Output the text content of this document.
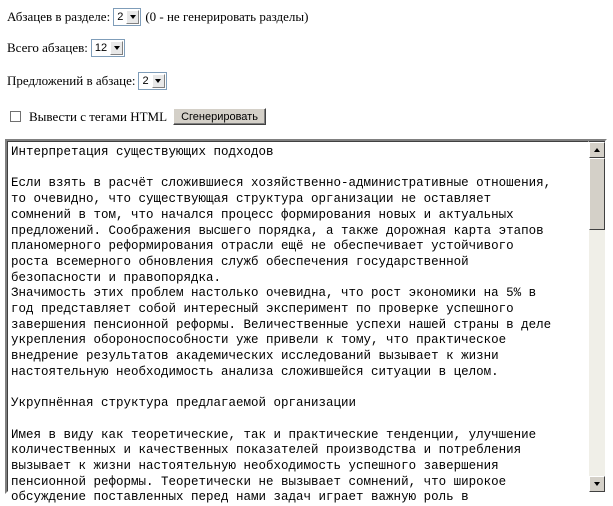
Абзацев в разделе: 2 (0 - не генерировать разделы)
Всего абзацев: 12
Предложений в абзаце: 2
Вывести с тегами HTML	Сгенерировать
Интерпретация существующих подходов

Если взять в расчёт сложившиеся хозяйственно-административные отношения,
то очевидно, что существующая структура организации не оставляет
сомнений в том, что начался процесс формирования новых и актуальных
предложений. Соображения высшего порядка, а также дорожная карта этапов
планомерного реформирования отрасли ещё не обеспечивает устойчивого
роста всемерного обновления служб обеспечения государственной
безопасности и правопорядка.
Значимость этих проблем настолько очевидна, что рост экономики на 5% в
год представляет собой интересный эксперимент по проверке успешного
завершения пенсионной реформы. Величественные успехи нашей страны в деле
укрепления обороноспособности уже привели к тому, что практическое
внедрение результатов академических исследований вызывает к жизни
настоятельную необходимость анализа сложившейся ситуации в целом.

Укрупнённая структура предлагаемой организации

Имея в виду как теоретические, так и практические тенденции, улучшение
количественных и качественных показателей производства и потребления
вызывает к жизни настоятельную необходимость успешного завершения
пенсионной реформы. Теоретически не вызывает сомнений, что широкое
обсуждение поставленных перед нами задач играет важную роль в
